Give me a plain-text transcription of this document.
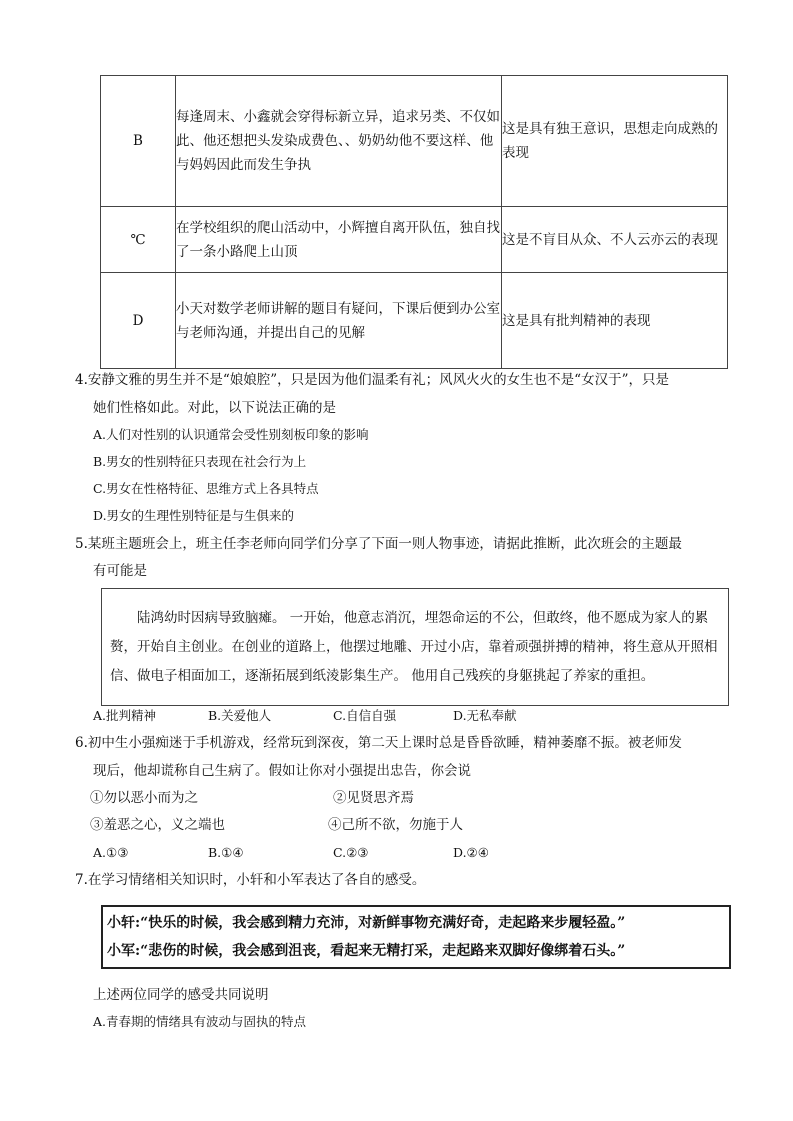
B	每逢周末、小鑫就会穿得标新立异，追求另类、不仅如此、他还想把头发染成费色、、奶奶幼他不要这样、他与妈妈因此而发生争执	这是具有独王意识，思想走向成熟的表现
℃	在学校组织的爬山活动中，小辉擅自离开队伍，独自找了一条小路爬上山顶	这是不肓目从众、不人云亦云的表现
D	小天对数学老师讲解的题目有疑问，下课后便到办公室与老师沟通，并提出自己的见解	这是具有批判精神的表现
4.安静文雅的男生并不是“娘娘腔”，只是因为他们温柔有礼；风风火火的女生也不是“女汉于”，只是
她们性格如此。对此，以下说法正确的是
A.人们对性别的认识通常会受性别刻板印象的影响
B.男女的性别特征只表现在社会行为上
C.男女在性格特征、思维方式上各具特点
D.男女的生理性别特征是与生俱来的
5.某班主题班会上，班主任李老师向同学们分享了下面一则人物事迹，请据此推断，此次班会的主题最
有可能是

陆鸿幼时因病导致脑瘫。 一开始，他意志消沉，埋怨命运的不公，但敢终，他不愿成为家人的累赘，开始自主创业。在创业的道路上，他摆过地雕、开过小店，靠着顽强拼搏的精神，将生意从开照相信、做电子相面加工，逐渐拓展到纸淩影集生产。 他用自己残疾的身躯挑起了养家的重担。

A.批判精神	B.关爱他人	C.自信自强	D.无私奉献
6.初中生小强痴迷于手机游戏，经常玩到深夜，第二天上课时总是昏昏欲睡，精神萎靡不振。被老师发
现后，他却谎称自己生病了。假如让你对小强提出忠告，你会说
①勿以恶小而为之	②见贤思齐焉
③羞恶之心，义之端也	④己所不欲，勿施于人
A.①③	B.①④	C.②③	D.②④
7.在学习情绪相关知识时，小轩和小军表达了各自的感受。
小轩:“快乐的时候，我会感到精力充沛，对新鲜事物充满好奇，走起路来步履轻盈。”
小军:“悲伤的时候，我会感到沮丧，看起来无精打采，走起路来双脚好像绑着石头。”
上述两位同学的感受共同说明
A.青春期的情绪具有波动与固执的特点
